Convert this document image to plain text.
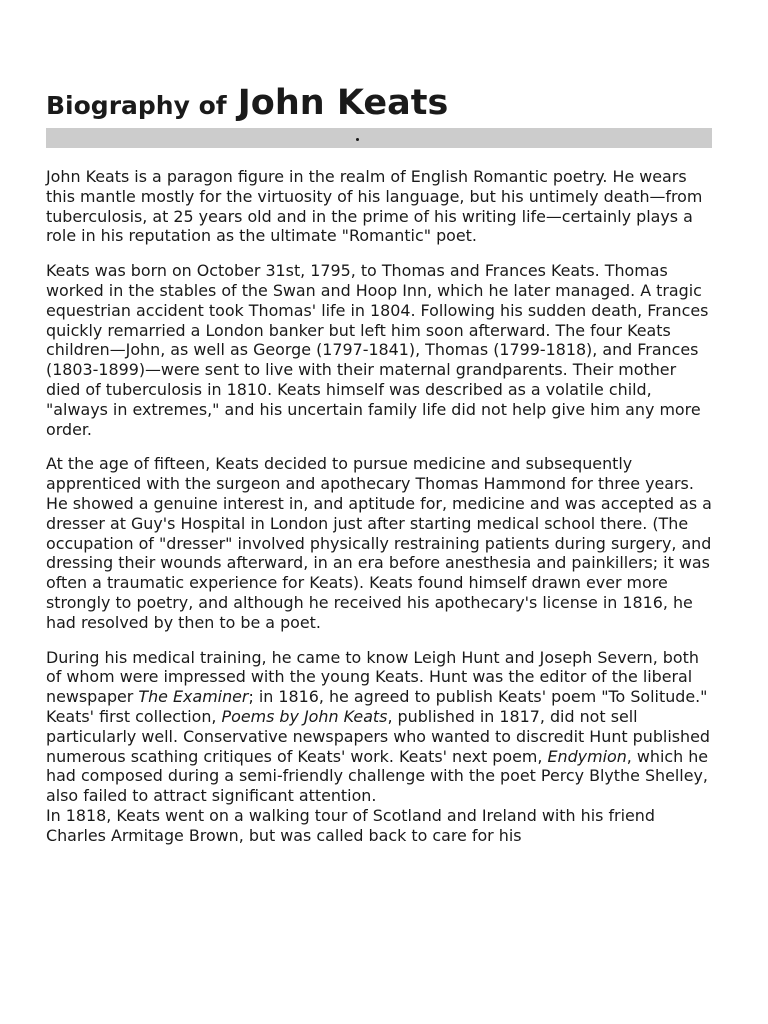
Biography of John Keats

John Keats is a paragon figure in the realm of English Romantic poetry. He wears this mantle mostly for the virtuosity of his language, but his untimely death—from tuberculosis, at 25 years old and in the prime of his writing life—certainly plays a role in his reputation as the ultimate "Romantic" poet.

Keats was born on October 31st, 1795, to Thomas and Frances Keats. Thomas worked in the stables of the Swan and Hoop Inn, which he later managed. A tragic equestrian accident took Thomas' life in 1804. Following his sudden death, Frances quickly remarried a London banker but left him soon afterward. The four Keats children—John, as well as George (1797-1841), Thomas (1799-1818), and Frances (1803-1899)—were sent to live with their maternal grandparents. Their mother died of tuberculosis in 1810. Keats himself was described as a volatile child, "always in extremes," and his uncertain family life did not help give him any more order.

At the age of fifteen, Keats decided to pursue medicine and subsequently apprenticed with the surgeon and apothecary Thomas Hammond for three years. He showed a genuine interest in, and aptitude for, medicine and was accepted as a dresser at Guy's Hospital in London just after starting medical school there. (The occupation of "dresser" involved physically restraining patients during surgery, and dressing their wounds afterward, in an era before anesthesia and painkillers; it was often a traumatic experience for Keats). Keats found himself drawn ever more strongly to poetry, and although he received his apothecary's license in 1816, he had resolved by then to be a poet.

During his medical training, he came to know Leigh Hunt and Joseph Severn, both of whom were impressed with the young Keats. Hunt was the editor of the liberal newspaper The Examiner; in 1816, he agreed to publish Keats' poem "To Solitude." Keats' first collection, Poems by John Keats, published in 1817, did not sell particularly well. Conservative newspapers who wanted to discredit Hunt published numerous scathing critiques of Keats' work. Keats' next poem, Endymion, which he had composed during a semi-friendly challenge with the poet Percy Blythe Shelley, also failed to attract significant attention.

In 1818, Keats went on a walking tour of Scotland and Ireland with his friend Charles Armitage Brown, but was called back to care for his
